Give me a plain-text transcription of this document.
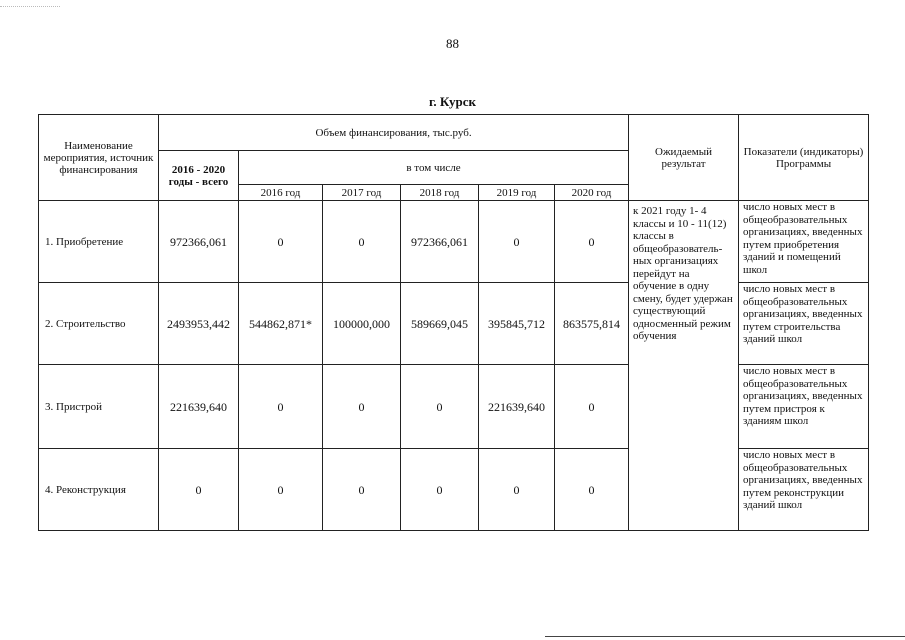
88
г. Курск
Наименование мероприятия, источник финансирования	Объем финансирования, тыс.руб.						Ожидаемый результат	Показатели (индикаторы) Программы
	2016 - 2020 годы - всего	в том числе						
		2016 год	2017 год	2018 год	2019 год	2020 год		
1. Приобретение	972366,061	0	0	972366,061	0	0	к 2021 году 1- 4 классы и 10 - 11(12) классы в общеобразователь-ных организациях перейдут на обучение в одну смену, будет удержан существующий односменный режим обучения	число новых мест в общеобразовательных организациях, введенных путем приобретения зданий и помещений школ
2. Строительство	2493953,442	544862,871*	100000,000	589669,045	395845,712	863575,814		число новых мест в общеобразовательных организациях, введенных путем строительства зданий школ
3. Пристрой	221639,640	0	0	0	221639,640	0		число новых мест в общеобразовательных организациях, введенных путем пристроя к зданиям школ
4. Реконструкция	0	0	0	0	0	0		число новых мест в общеобразовательных организациях, введенных путем реконструкции зданий школ
